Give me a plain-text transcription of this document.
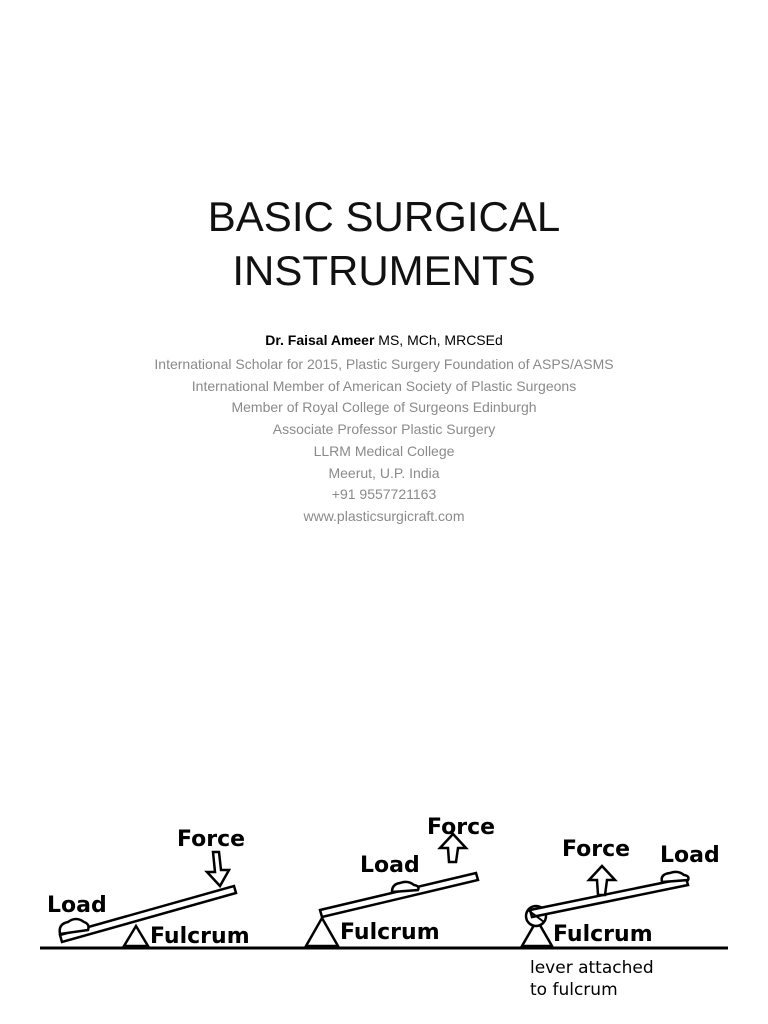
BASIC SURGICAL
INSTRUMENTS
Dr. Faisal Ameer MS, MCh, MRCSEd
International Scholar for 2015, Plastic Surgery Foundation of ASPS/ASMS
International Member of American Society of Plastic Surgeons
Member of Royal College of Surgeons Edinburgh
Associate Professor Plastic Surgery
LLRM Medical College
Meerut, U.P. India
+91 9557721163
www.plasticsurgicraft.com
Load
Force
Fulcrum
Load
Force
Fulcrum
Force Load
Fulcrum
lever attached
to fulcrum
